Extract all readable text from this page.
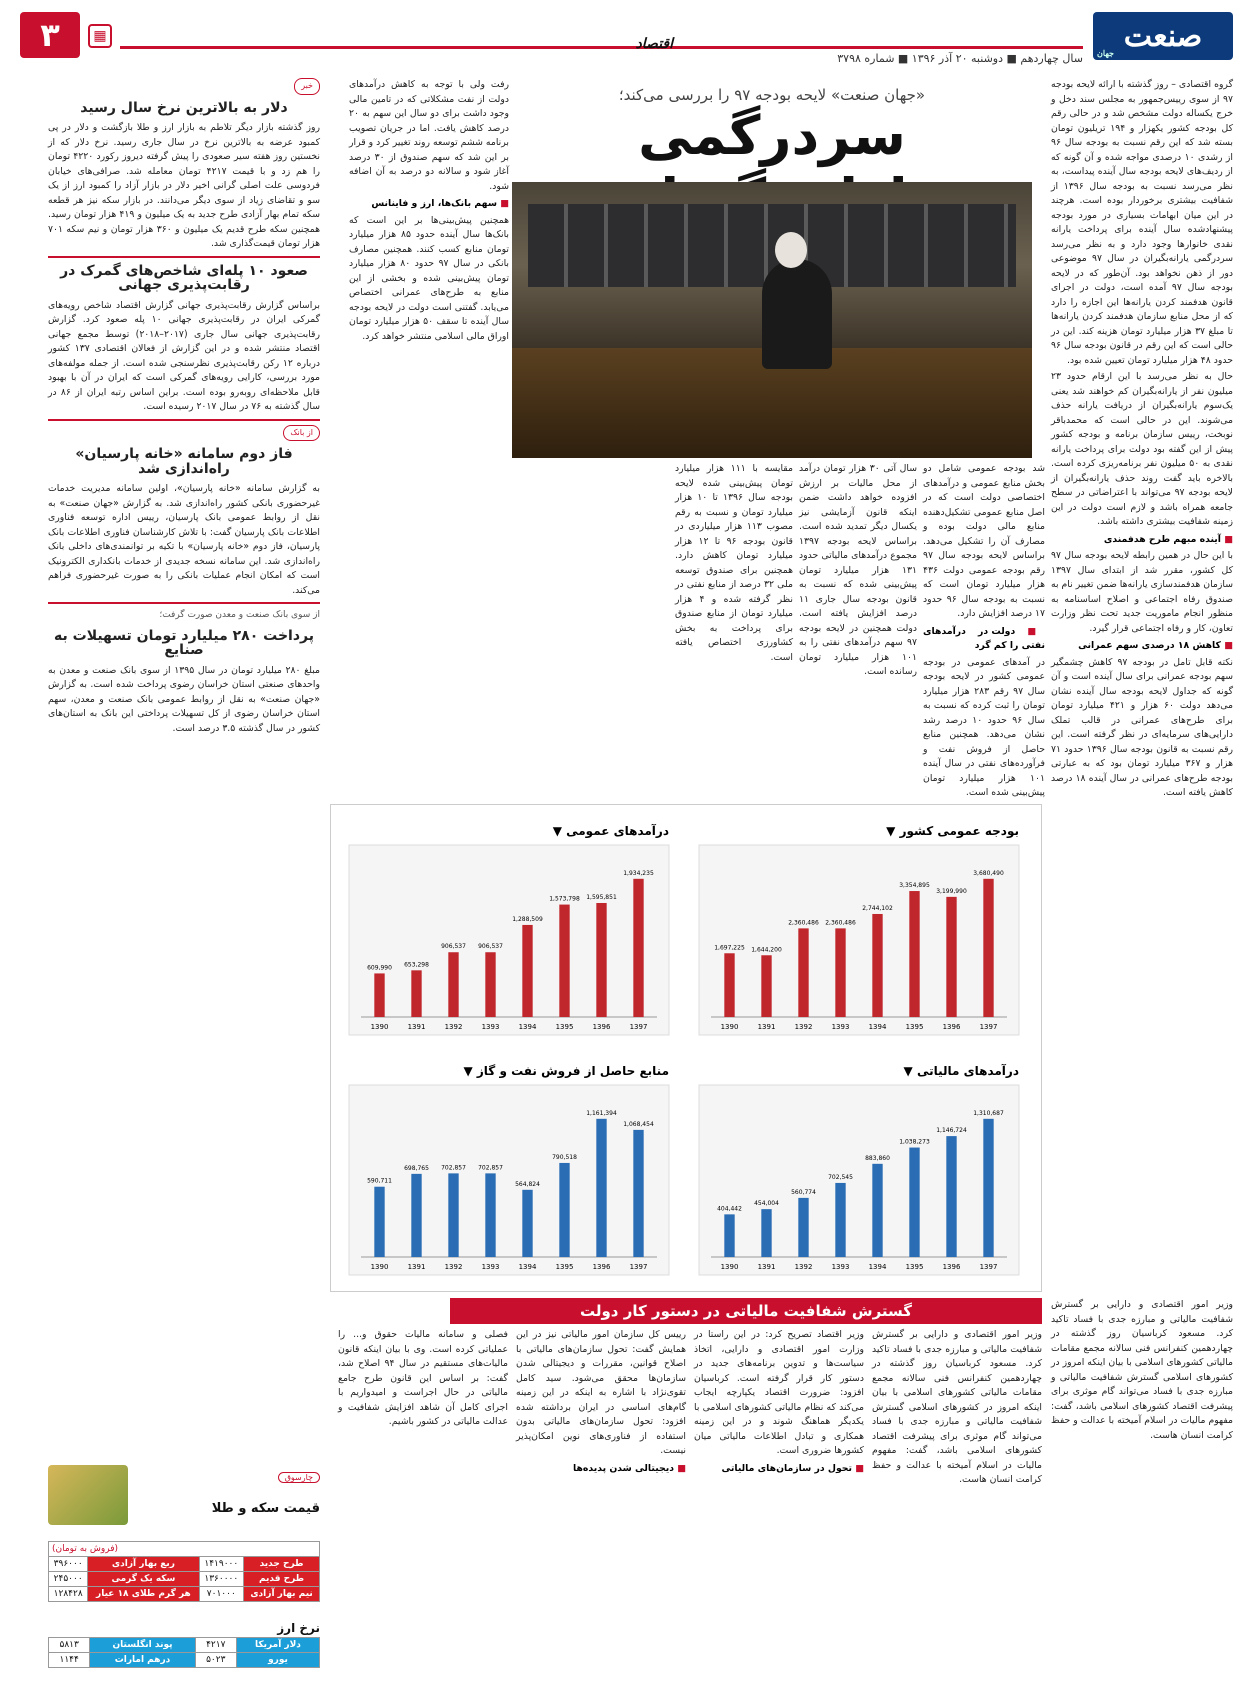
صنعت
جهان
سال چهاردهم ■ دوشنبه ۲۰ آذر ۱۳۹۶ ■ شماره ۳۷۹۸
اقتصاد
▦
۳
«جهان صنعت» لایحه بودجه ۹۷ را بررسی می‌کند؛
سردرگمی

گروه اقتصادی – روز گذشته با ارائه لایحه بودجه ۹۷ از سوی رییس‌جمهور به مجلس سند دخل و خرج یکساله دولت مشخص شد و در حالی رقم کل بودجه کشور یکهزار و ۱۹۴ تریلیون تومان بسته شد که این رقم نسبت به بودجه سال ۹۶ از رشدی ۱۰ درصدی مواجه شده و آن گونه که از ردیف‌های لایحه بودجه سال آینده پیداست، به نظر می‌رسد نسبت به بودجه سال ۱۳۹۶ از شفافیت بیشتری برخوردار بوده است. هرچند در این میان ابهامات بسیاری در مورد بودجه پیشنهادشده سال آینده برای پرداخت یارانه نقدی خانوارها وجود دارد و به نظر می‌رسد سردرگمی یارانه‌بگیران در سال ۹۷ موضوعی دور از ذهن نخواهد بود. آن‌طور که در لایحه بودجه سال ۹۷ آمده است، دولت در اجرای قانون هدفمند کردن یارانه‌ها این اجازه را دارد که از محل منابع سازمان هدفمند کردن یارانه‌ها تا مبلغ ۳۷ هزار میلیارد تومان هزینه کند. این در حالی است که این رقم در قانون بودجه سال ۹۶ حدود ۴۸ هزار میلیارد تومان تعیین شده بود.

حال به نظر می‌رسد با این ارقام حدود ۲۳ میلیون نفر از یارانه‌بگیران کم خواهند شد یعنی یک‌سوم یارانه‌بگیران از دریافت یارانه حذف می‌شوند. این در حالی است که محمدباقر نوبخت، رییس سازمان برنامه و بودجه کشور پیش از این گفته بود دولت برای پرداخت یارانه نقدی به ۵۰ میلیون نفر برنامه‌ریزی کرده است. بالاخره باید گفت روند حذف یارانه‌بگیران از لایحه بودجه ۹۷ می‌تواند با اعتراضاتی در سطح جامعه همراه باشد و لازم است دولت در این زمینه شفافیت بیشتری داشته باشد.

■ آینده مبهم طرح هدفمندی

با این حال در همین رابطه لایحه بودجه سال ۹۷ کل کشور، مقرر شد از ابتدای سال ۱۳۹۷ سازمان هدفمندسازی یارانه‌ها ضمن تغییر نام به صندوق رفاه اجتماعی و اصلاح اساسنامه به منظور انجام ماموریت جدید تحت نظر وزارت تعاون، کار و رفاه اجتماعی قرار گیرد.

■ کاهش ۱۸ درصدی سهم عمرانی

نکته قابل تامل در بودجه ۹۷ کاهش چشمگیر سهم بودجه عمرانی برای سال آینده است و آن گونه که جداول لایحه بودجه سال آینده نشان می‌دهد دولت ۶۰ هزار و ۴۲۱ میلیارد تومان برای طرح‌های عمرانی در قالب تملک دارایی‌های سرمایه‌ای در نظر گرفته است. این رقم نسبت به قانون بودجه سال ۱۳۹۶ حدود ۷۱ هزار و ۳۶۷ میلیارد تومان بود که به عبارتی بودجه طرح‌های عمرانی در سال آینده ۱۸ درصد کاهش یافته است.

شد بودجه عمومی شامل دو بخش منابع عمومی و درآمدهای اختصاصی دولت است که در اصل منابع عمومی تشکیل‌دهنده منابع مالی دولت بوده و مصارف آن را تشکیل می‌دهد. براساس لایحه بودجه سال ۹۷ رقم بودجه عمومی دولت ۴۳۶ هزار میلیارد تومان است که نسبت به بودجه سال ۹۶ حدود ۱۷ درصد افزایش دارد.

■ دولت در درآمدهای نفتی را کم گرد

در آمدهای عمومی در بودجه عمومی کشور در لایحه بودجه سال ۹۷ رقم ۲۸۳ هزار میلیارد تومان را ثبت کرده که نسبت به سال ۹۶ حدود ۱۰ درصد رشد نشان می‌دهد. همچنین منابع حاصل از فروش نفت و فرآورده‌های نفتی در سال آینده ۱۰۱ هزار میلیارد تومان پیش‌بینی شده است.

سال آتی ۳۰ هزار تومان درآمد از محل مالیات بر ارزش افزوده خواهد داشت ضمن اینکه قانون آزمایشی نیز یکسال دیگر تمدید شده است. براساس لایحه بودجه ۱۳۹۷ مجموع درآمدهای مالیاتی حدود ۱۳۱ هزار میلیارد تومان پیش‌بینی شده که نسبت به قانون بودجه سال جاری ۱۱ درصد افزایش یافته است. دولت همچنین در لایحه بودجه ۹۷ سهم درآمدهای نفتی را به ۱۰۱ هزار میلیارد تومان رسانده است.

مقایسه با ۱۱۱ هزار میلیارد تومان پیش‌بینی شده لایحه بودجه سال ۱۳۹۶ تا ۱۰ هزار میلیارد تومان و نسبت به رقم مصوب ۱۱۳ هزار میلیاردی در قانون بودجه ۹۶ تا ۱۲ هزار میلیارد تومان کاهش دارد. همچنین برای صندوق توسعه ملی ۳۲ درصد از منابع نفتی در نظر گرفته شده و ۴ هزار میلیارد تومان از منابع صندوق برای پرداخت به بخش کشاورزی اختصاص یافته است.

رفت ولی با توجه به کاهش درآمدهای دولت از نفت مشکلاتی که در تامین مالی وجود داشت برای دو سال این سهم به ۲۰ درصد کاهش یافت. اما در جریان تصویب برنامه ششم توسعه روند تغییر کرد و قرار بر این شد که سهم صندوق از ۳۰ درصد آغاز شود و سالانه دو درصد به آن اضافه شود.

■ سهم بانک‌ها، ارز و فاینانس

همچنین پیش‌بینی‌ها بر این است که بانک‌ها سال آینده حدود ۸۵ هزار میلیارد تومان منابع کسب کنند. همچنین مصارف بانکی در سال ۹۷ حدود ۸۰ هزار میلیارد تومان پیش‌بینی شده و بخشی از این منابع به طرح‌های عمرانی اختصاص می‌یابد. گفتنی است دولت در لایحه بودجه سال آینده تا سقف ۵۰ هزار میلیارد تومان اوراق مالی اسلامی منتشر خواهد کرد.

بودجه عمومی کشور ▼
1,697,225
1390
1,644,200
1391
2,360,486
1392
2,360,486
1393
2,744,102
1394
3,354,895
1395
3,199,990
1396
3,680,490
1397
درآمدهای عمومی ▼
609,990
1390
653,298
1391
906,537
1392
906,537
1393
1,288,509
1394
1,573,798
1395
1,595,851
1396
1,934,235
1397
درآمدهای مالیاتی ▼
404,442
1390
454,004
1391
560,774
1392
702,545
1393
883,860
1394
1,038,273
1395
1,146,724
1396
1,310,687
1397
منابع حاصل از فروش نفت و گاز ▼
590,711
1390
698,765
1391
702,857
1392
702,857
1393
564,824
1394
790,518
1395
1,161,394
1396
1,068,454
1397
خبر
دلار به بالاترین نرخ سال رسید

روز گذشته بازار دیگر تلاطم به بازار ارز و طلا بازگشت و دلار در پی کمبود عرضه به بالاترین نرخ در سال جاری رسید. نرخ دلار که از نخستین روز هفته سیر صعودی را پیش گرفته دیروز رکورد ۴۲۲۰ تومان را هم زد و با قیمت ۴۲۱۷ تومان معامله شد. صرافی‌های خیابان فردوسی علت اصلی گرانی اخیر دلار در بازار آزاد را کمبود ارز از یک سو و تقاضای زیاد از سوی دیگر می‌دانند. در بازار سکه نیز هر قطعه سکه تمام بهار آزادی طرح جدید به یک میلیون و ۴۱۹ هزار تومان رسید. همچنین سکه طرح قدیم یک میلیون و ۳۶۰ هزار تومان و نیم سکه ۷۰۱ هزار تومان قیمت‌گذاری شد.

صعود ۱۰ پله‌ای شاخص‌های گمرک در رقابت‌پذیری جهانی

براساس گزارش رقابت‌پذیری جهانی گزارش اقتصاد شاخص رویه‌های گمرکی ایران در رقابت‌پذیری جهانی ۱۰ پله صعود کرد. گزارش رقابت‌پذیری جهانی سال جاری (۲۰۱۷–۲۰۱۸) توسط مجمع جهانی اقتصاد منتشر شده و در این گزارش از فعالان اقتصادی ۱۳۷ کشور درباره ۱۲ رکن رقابت‌پذیری نظرسنجی شده است. از جمله مولفه‌های مورد بررسی، کارایی رویه‌های گمرکی است که ایران در آن با بهبود قابل ملاحظه‌ای روبه‌رو بوده است. براین اساس رتبه ایران از ۸۶ در سال گذشته به ۷۶ در سال ۲۰۱۷ رسیده است.

از بانک
فاز دوم سامانه «خانه پارسیان» راه‌اندازی شد

به گزارش سامانه «خانه پارسیان»، اولین سامانه مدیریت خدمات غیرحضوری بانکی کشور راه‌اندازی شد. به گزارش «جهان صنعت» به نقل از روابط عمومی بانک پارسیان، رییس اداره توسعه فناوری اطلاعات بانک پارسیان گفت: با تلاش کارشناسان فناوری اطلاعات بانک پارسیان، فاز دوم «خانه پارسیان» با تکیه بر توانمندی‌های داخلی بانک راه‌اندازی شد. این سامانه نسخه جدیدی از خدمات بانکداری الکترونیک است که امکان انجام عملیات بانکی را به صورت غیرحضوری فراهم می‌کند.

از سوی بانک صنعت و معدن صورت گرفت؛
پرداخت ۲۸۰ میلیارد تومان تسهیلات به صنایع

مبلغ ۲۸۰ میلیارد تومان در سال ۱۳۹۵ از سوی بانک صنعت و معدن به واحدهای صنعتی استان خراسان رضوی پرداخت شده است. به گزارش «جهان صنعت» به نقل از روابط عمومی بانک صنعت و معدن، سهم استان خراسان رضوی از کل تسهیلات پرداختی این بانک به استان‌های کشور در سال گذشته ۳.۵ درصد است.

چارسوق
قیمت سکه و طلا
(فروش به تومان)			
طرح جدید	۱۴۱۹۰۰۰	ربع بهار آزادی	۳۹۶۰۰۰
طرح قدیم	۱۳۶۰۰۰۰	سکه یک گرمی	۲۴۵۰۰۰
نیم بهار آزادی	۷۰۱۰۰۰	هر گرم طلای ۱۸ عیار	۱۲۸۴۲۸
نرخ ارز
دلار آمریکا	۴۲۱۷	پوند انگلستان	۵۸۱۳
یورو	۵۰۲۳	درهم امارات	۱۱۴۴
گسترش شفافیت مالیاتی در دستور کار دولت

وزیر امور اقتصادی و دارایی بر گسترش شفافیت مالیاتی و مبارزه جدی با فساد تاکید کرد. مسعود کرباسیان روز گذشته در چهاردهمین کنفرانس فنی سالانه مجمع مقامات مالیاتی کشورهای اسلامی با بیان اینکه امروز در کشورهای اسلامی گسترش شفافیت مالیاتی و مبارزه جدی با فساد می‌تواند گام موثری برای پیشرفت اقتصاد کشورهای اسلامی باشد، گفت: مفهوم مالیات در اسلام آمیخته با عدالت و حفظ کرامت انسان هاست.

وزیر اقتصاد تصریح کرد: در این راستا در وزارت امور اقتصادی و دارایی، اتخاذ سیاست‌ها و تدوین برنامه‌های جدید در دستور کار قرار گرفته است. کرباسیان افزود: ضرورت اقتصاد یکپارچه ایجاب می‌کند که نظام مالیاتی کشورهای اسلامی با یکدیگر هماهنگ شوند و در این زمینه همکاری و تبادل اطلاعات مالیاتی میان کشورها ضروری است.

■ تحول در سازمان‌های مالیاتی

رییس کل سازمان امور مالیاتی نیز در این همایش گفت: تحول سازمان‌های مالیاتی با اصلاح قوانین، مقررات و دیجیتالی شدن سازمان‌ها محقق می‌شود. سید کامل تقوی‌نژاد با اشاره به اینکه در این زمینه گام‌های اساسی در ایران برداشته شده افزود: تحول سازمان‌های مالیاتی بدون استفاده از فناوری‌های نوین امکان‌پذیر نیست.

■ دیجیتالی شدن پدیده‌ها

فصلی و سامانه مالیات حقوق و... را عملیاتی کرده است. وی با بیان اینکه قانون مالیات‌های مستقیم در سال ۹۴ اصلاح شد، گفت: بر اساس این قانون طرح جامع مالیاتی در حال اجراست و امیدواریم با اجرای کامل آن شاهد افزایش شفافیت و عدالت مالیاتی در کشور باشیم.

وزیر امور اقتصادی و دارایی بر گسترش شفافیت مالیاتی و مبارزه جدی با فساد تاکید کرد. مسعود کرباسیان روز گذشته در چهاردهمین کنفرانس فنی سالانه مجمع مقامات مالیاتی کشورهای اسلامی با بیان اینکه امروز در کشورهای اسلامی گسترش شفافیت مالیاتی و مبارزه جدی با فساد می‌تواند گام موثری برای پیشرفت اقتصاد کشورهای اسلامی باشد، گفت: مفهوم مالیات در اسلام آمیخته با عدالت و حفظ کرامت انسان هاست.
